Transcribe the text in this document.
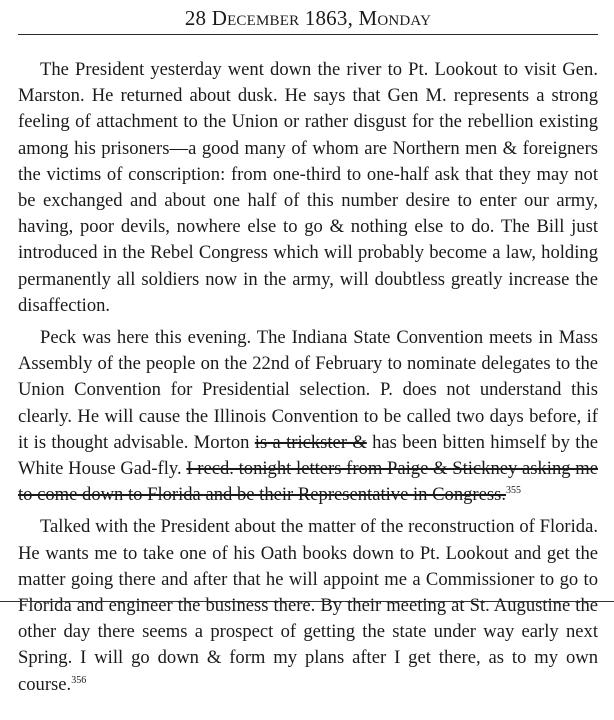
28 December 1863, Monday

The President yesterday went down the river to Pt. Lookout to visit Gen. Marston. He returned about dusk. He says that Gen M. represents a strong feeling of attachment to the Union or rather disgust for the rebellion existing among his prisoners—a good many of whom are Northern men & foreigners the victims of conscription: from one-third to one-half ask that they may not be exchanged and about one half of this number desire to enter our army, having, poor devils, nowhere else to go & nothing else to do. The Bill just introduced in the Rebel Congress which will probably become a law, holding permanently all soldiers now in the army, will doubtless greatly increase the disaffection.

Peck was here this evening. The Indiana State Convention meets in Mass Assembly of the people on the 22nd of February to nominate delegates to the Union Convention for Presidential selection. P. does not understand this clearly. He will cause the Illinois Convention to be called two days before, if it is thought advisable. Morton is a trickster & has been bitten himself by the White House Gad-fly. I recd. tonight letters from Paige & Stickney asking me to come down to Florida and be their Representative in Congress.$^{355}$

Talked with the President about the matter of the reconstruction of Florida. He wants me to take one of his Oath books down to Pt. Lookout and get the matter going there and after that he will appoint me a Commissioner to go to Florida and engineer the business there. By their meeting at St. Augustine the other day there seems a prospect of getting the state under way early next Spring. I will go down & form my plans after I get there, as to my own course.$^{356}$
